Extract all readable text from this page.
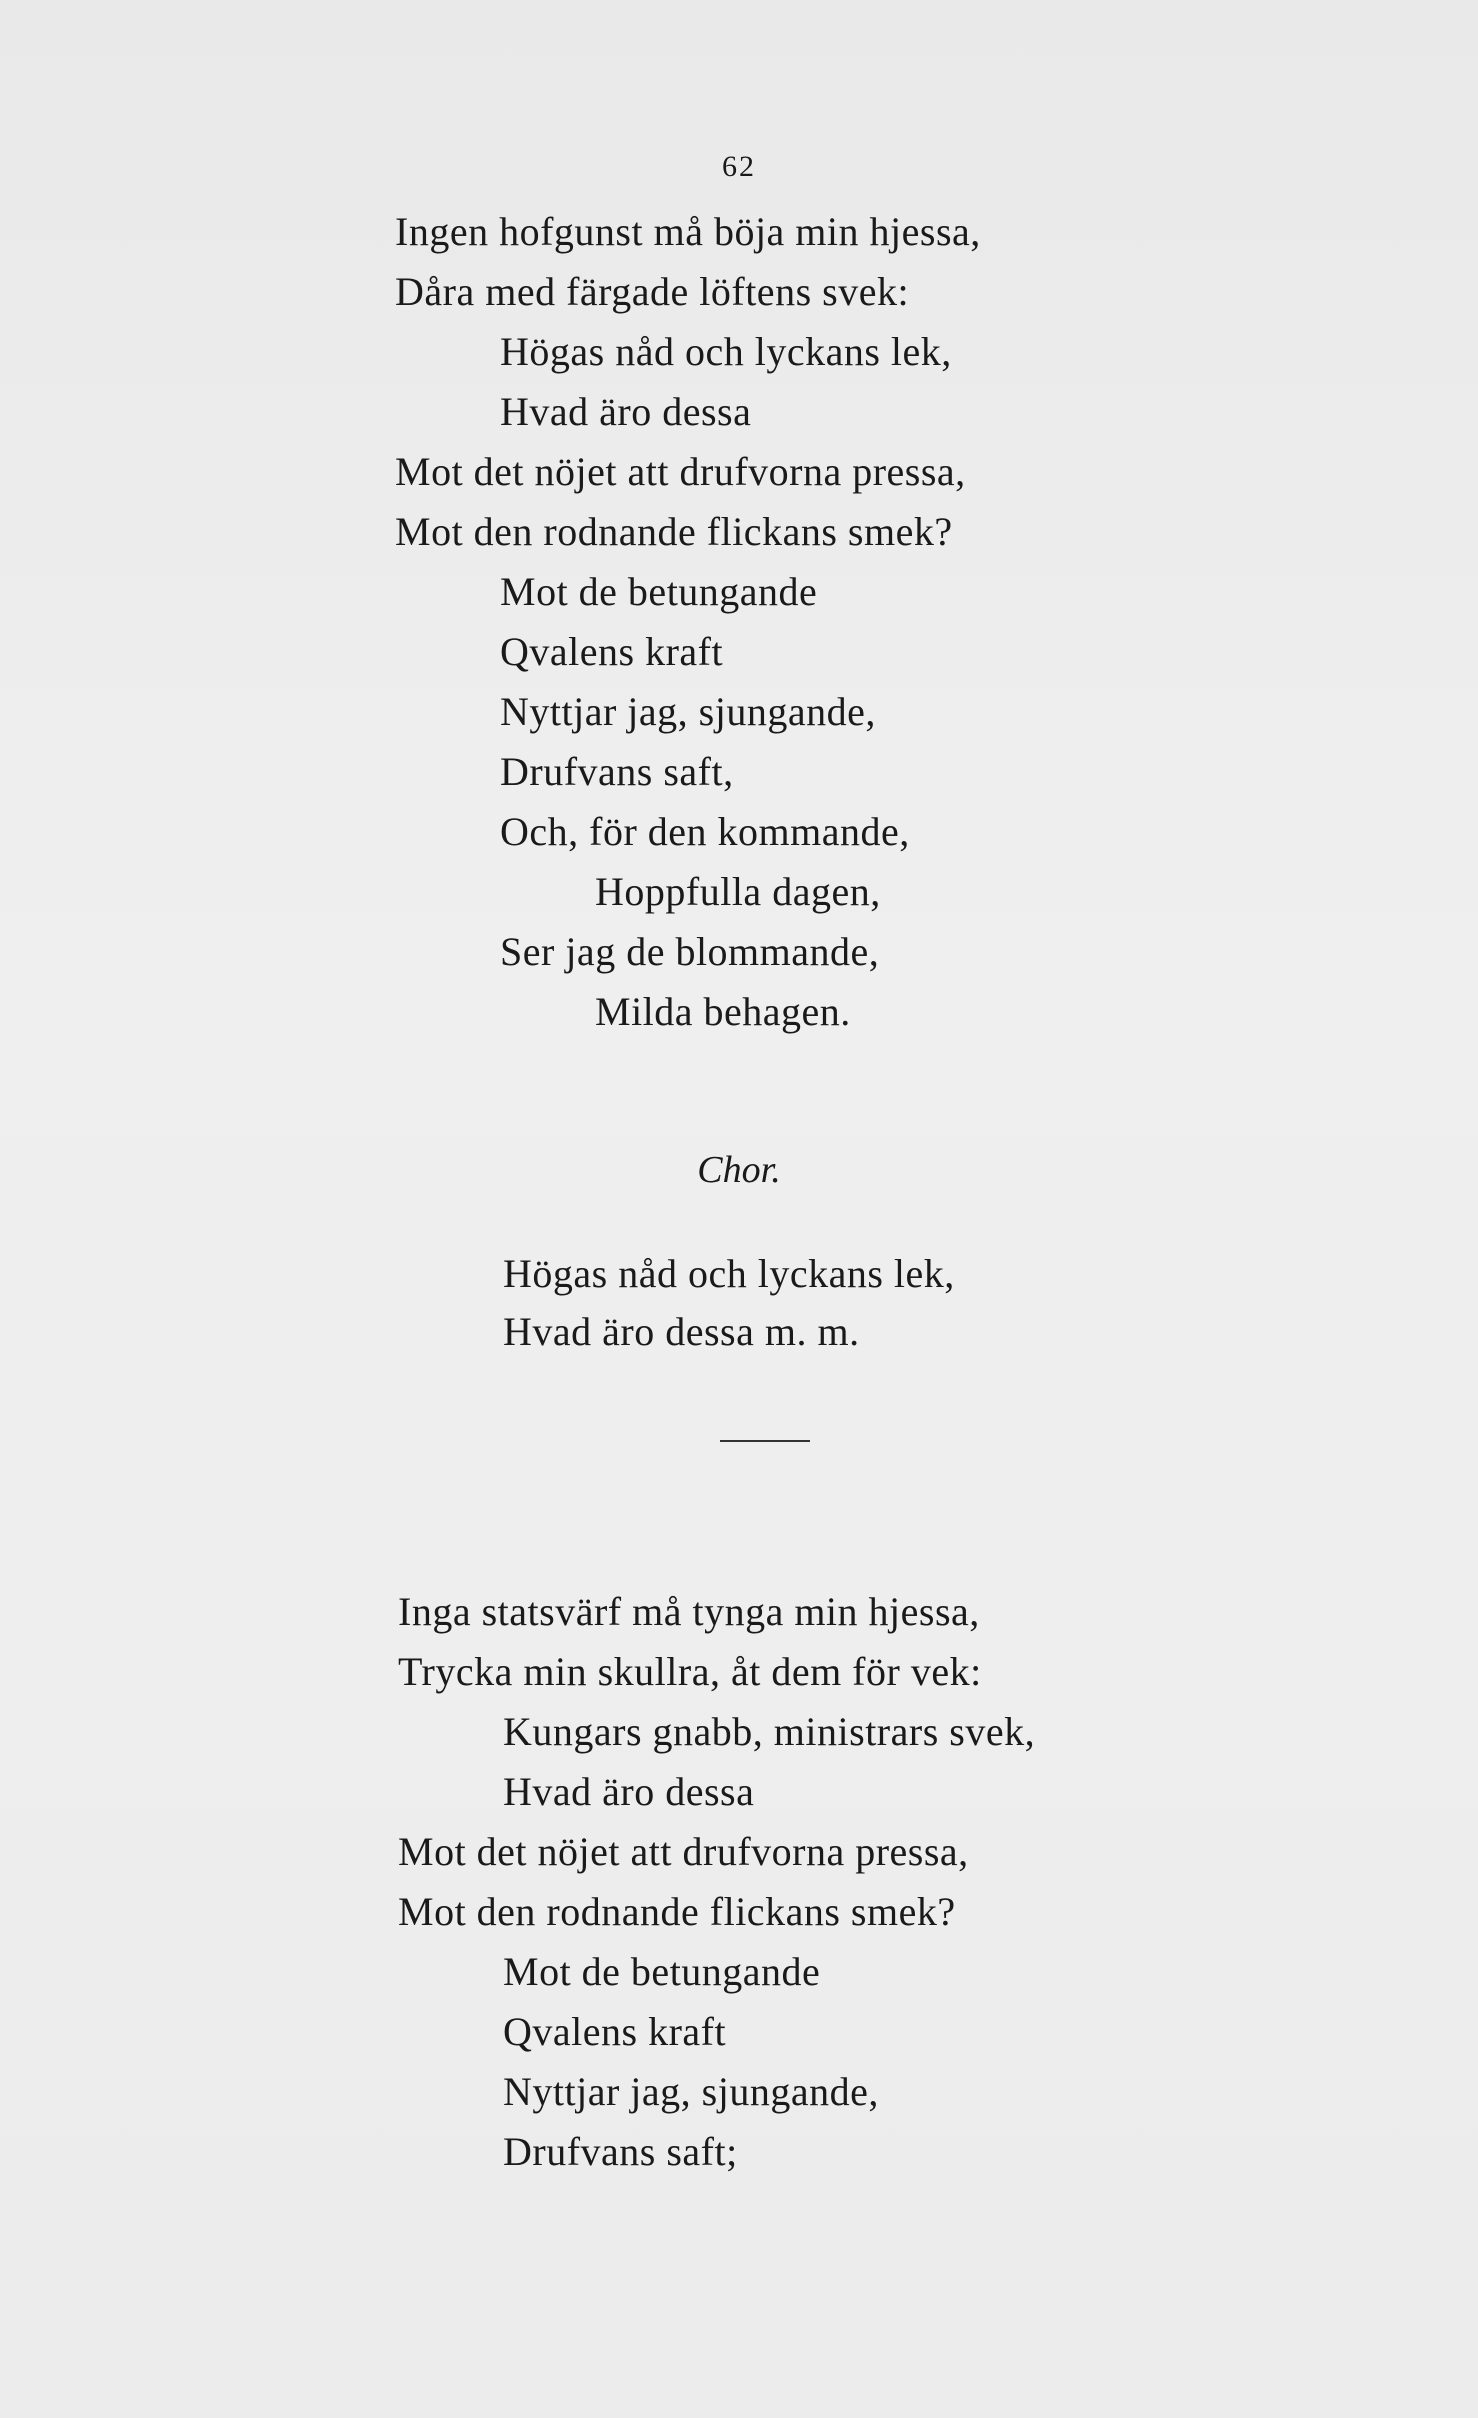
62
Ingen hofgunst må böja min hjessa,
Dåra med färgade löftens svek:
Högas nåd och lyckans lek,
Hvad äro dessa
Mot det nöjet att drufvorna pressa,
Mot den rodnande flickans smek?
Mot de betungande
Qvalens kraft
Nyttjar jag, sjungande,
Drufvans saft,
Och, för den kommande,
Hoppfulla dagen,
Ser jag de blommande,
Milda behagen.
Chor.
Högas nåd och lyckans lek,
Hvad äro dessa m. m.
Inga statsvärf må tynga min hjessa,
Trycka min skullra, åt dem för vek:
Kungars gnabb, ministrars svek,
Hvad äro dessa
Mot det nöjet att drufvorna pressa,
Mot den rodnande flickans smek?
Mot de betungande
Qvalens kraft
Nyttjar jag, sjungande,
Drufvans saft;
